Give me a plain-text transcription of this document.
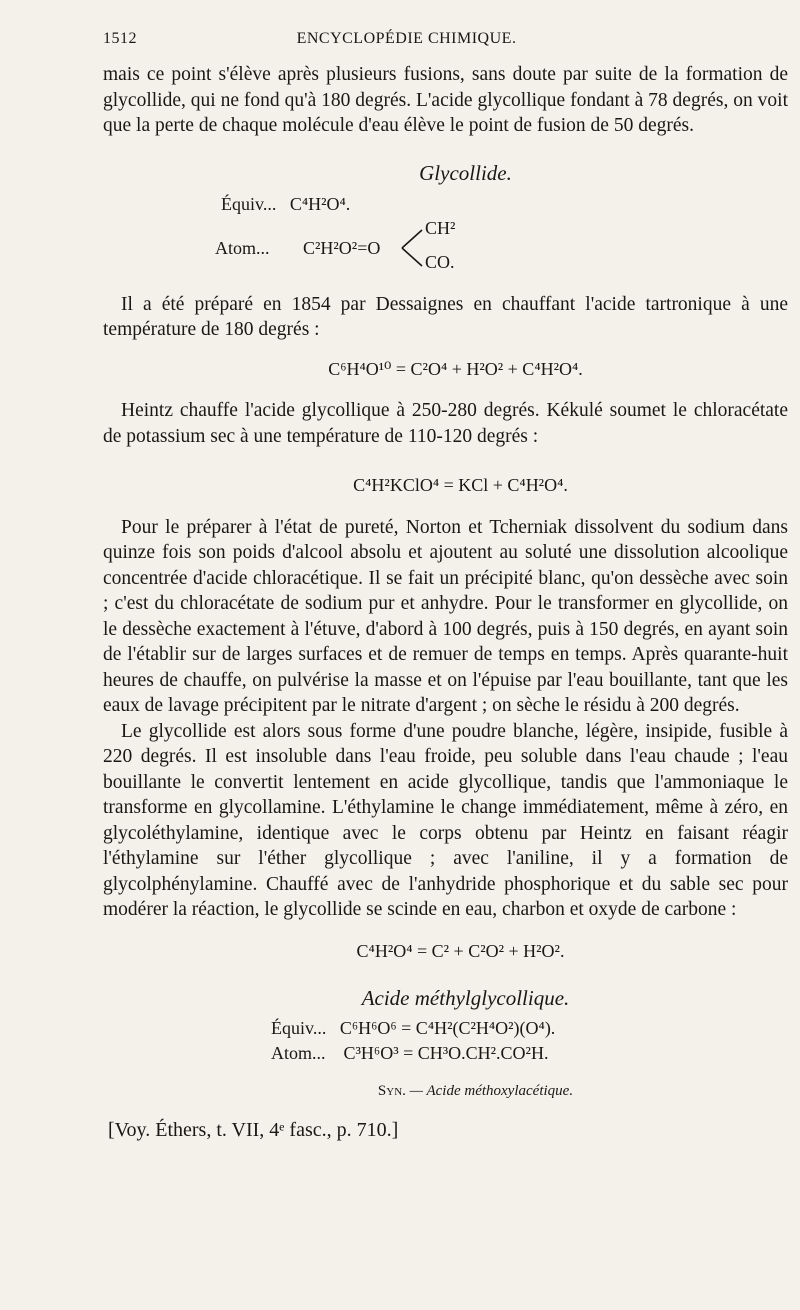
1512	ENCYCLOPÉDIE CHIMIQUE.

mais ce point s'élève après plusieurs fusions, sans doute par suite de la formation de glycollide, qui ne fond qu'à 180 degrés. L'acide glycollique fondant à 78 degrés, on voit que la perte de chaque molécule d'eau élève le point de fusion de 50 degrés.

Glycollide.
Équiv... C⁴H²O⁴.
Atom... C²H²O²=O
CH²
CO.

Il a été préparé en 1854 par Dessaignes en chauffant l'acide tartronique à une température de 180 degrés :

C⁶H⁴O¹⁰ = C²O⁴ + H²O² + C⁴H²O⁴.

Heintz chauffe l'acide glycollique à 250-280 degrés. Kékulé soumet le chloracétate de potassium sec à une température de 110-120 degrés :

C⁴H²KClO⁴ = KCl + C⁴H²O⁴.

Pour le préparer à l'état de pureté, Norton et Tcherniak dissolvent du sodium dans quinze fois son poids d'alcool absolu et ajoutent au soluté une dissolution alcoolique concentrée d'acide chloracétique. Il se fait un précipité blanc, qu'on dessèche avec soin ; c'est du chloracétate de sodium pur et anhydre. Pour le transformer en glycollide, on le dessèche exactement à l'étuve, d'abord à 100 degrés, puis à 150 degrés, en ayant soin de l'établir sur de larges surfaces et de remuer de temps en temps. Après quarante-huit heures de chauffe, on pulvérise la masse et on l'épuise par l'eau bouillante, tant que les eaux de lavage précipitent par le nitrate d'argent ; on sèche le résidu à 200 degrés.

Le glycollide est alors sous forme d'une poudre blanche, légère, insipide, fusible à 220 degrés. Il est insoluble dans l'eau froide, peu soluble dans l'eau chaude ; l'eau bouillante le convertit lentement en acide glycollique, tandis que l'ammoniaque le transforme en glycollamine. L'éthylamine le change immédiatement, même à zéro, en glycoléthylamine, identique avec le corps obtenu par Heintz en faisant réagir l'éthylamine sur l'éther glycollique ; avec l'aniline, il y a formation de glycolphénylamine. Chauffé avec de l'anhydride phosphorique et du sable sec pour modérer la réaction, le glycollide se scinde en eau, charbon et oxyde de carbone :

C⁴H²O⁴ = C² + C²O² + H²O².
Acide méthylglycollique.
Équiv... C⁶H⁶O⁶ = C⁴H²(C²H⁴O²)(O⁴).
Atom... C³H⁶O³ = CH³O.CH².CO²H.
Syn. — Acide méthoxylacétique.
[Voy. Éthers, t. VII, 4ᵉ fasc., p. 710.]
